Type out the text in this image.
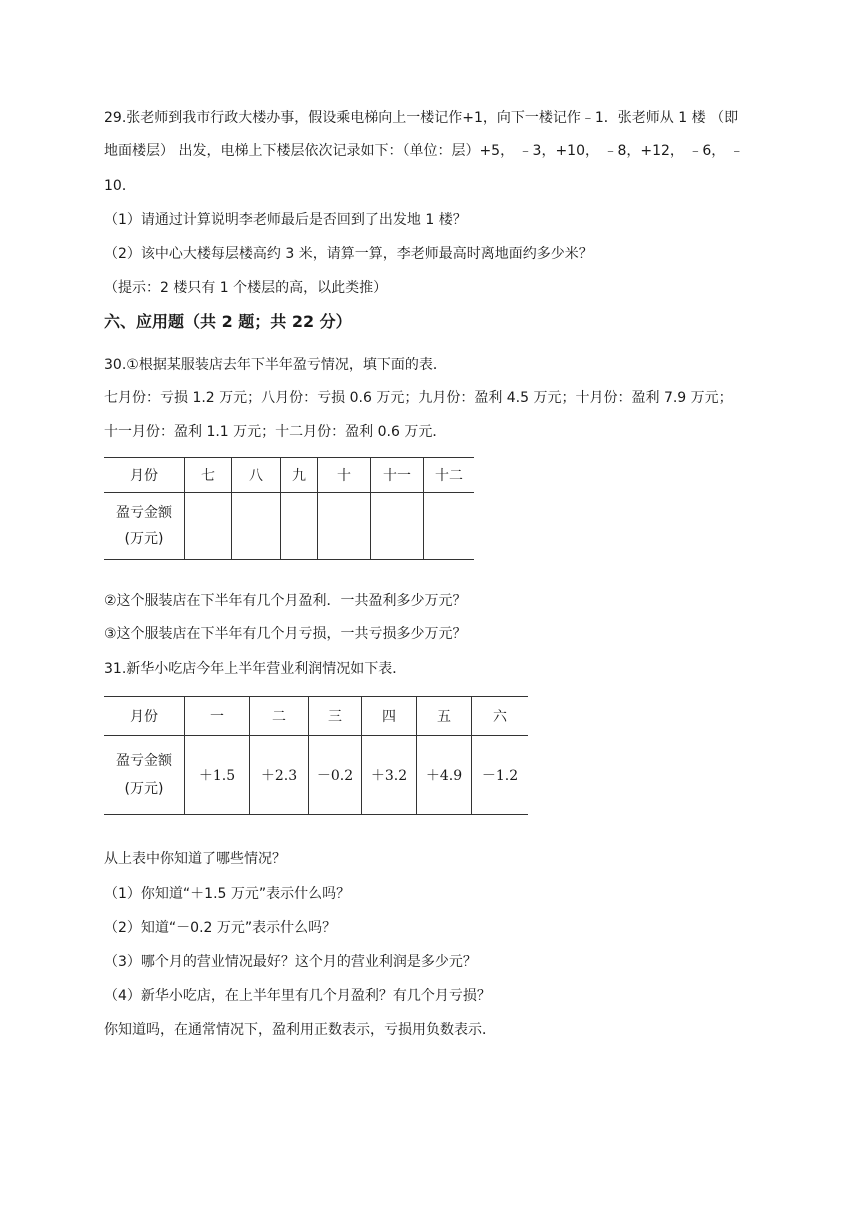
29.张老师到我市行政大楼办事，假设乘电梯向上一楼记作+1，向下一楼记作﹣1．张老师从 1 楼 （即
地面楼层） 出发，电梯上下楼层依次记录如下：（单位：层）+5， ﹣3，+10， ﹣8，+12， ﹣6， ﹣
10．
（1）请通过计算说明李老师最后是否回到了出发地 1 楼？
（2）该中心大楼每层楼高约 3 米，请算一算，李老师最高时离地面约多少米？
（提示：2 楼只有 1 个楼层的高，以此类推）
六、应用题（共 2 题；共 22 分）
30.①根据某服装店去年下半年盈亏情况，填下面的表．
七月份：亏损 1.2 万元；八月份：亏损 0.6 万元；九月份：盈利 4.5 万元；十月份：盈利 7.9 万元；
十一月份：盈利 1.1 万元；十二月份：盈利 0.6 万元．
月份	七	八	九	十	十一	十二

盈亏金额
(万元)						

②这个服装店在下半年有几个月盈利．一共盈利多少万元？
③这个服装店在下半年有几个月亏损，一共亏损多少万元？
31.新华小吃店今年上半年营业利润情况如下表．
月份	一	二	三	四	五	六

盈亏金额
(万元)	＋1.5	＋2.3	－0.2	＋3.2	＋4.9	－1.2
从上表中你知道了哪些情况？
（1）你知道“＋1.5 万元”表示什么吗？
（2）知道“－0.2 万元”表示什么吗？
（3）哪个月的营业情况最好？这个月的营业利润是多少元？
（4）新华小吃店，在上半年里有几个月盈利？有几个月亏损？
你知道吗，在通常情况下，盈利用正数表示，亏损用负数表示．
